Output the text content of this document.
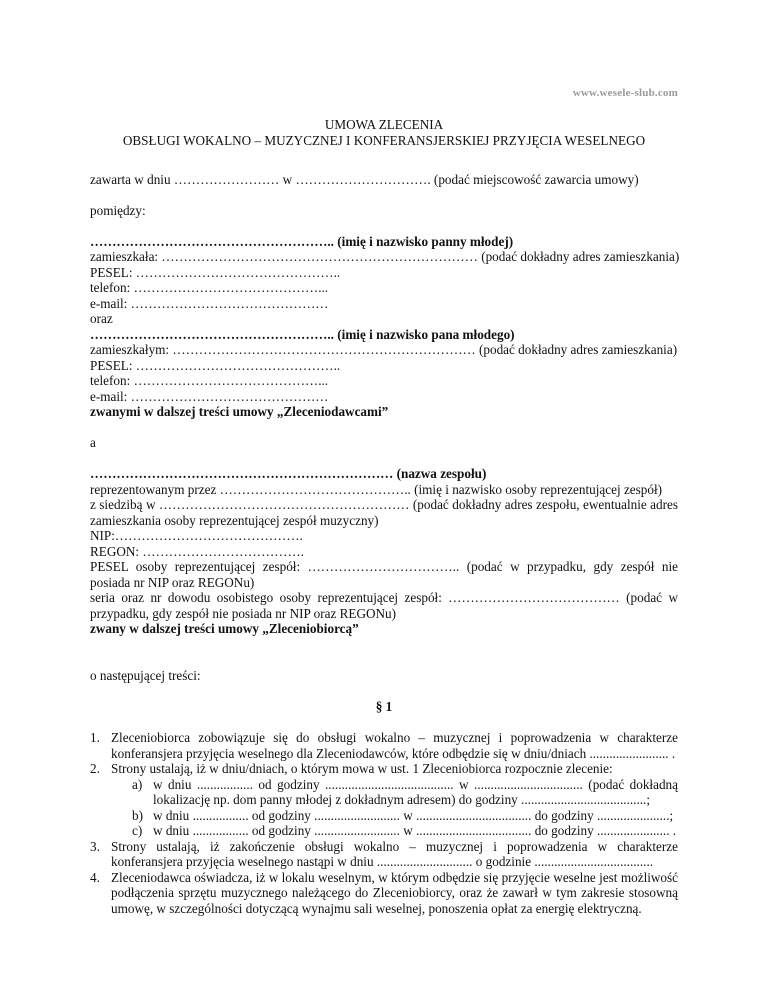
www.wesele-slub.com
UMOWA ZLECENIA
OBSŁUGI WOKALNO – MUZYCZNEJ I KONFERANSJERSKIEJ PRZYJĘCIA WESELNEGO
zawarta w dniu …………………… w …………………………. (podać miejscowość zawarcia umowy)
pomiędzy:
……………………………………………….. (imię i nazwisko panny młodej)
zamieszkała: ……………………………………………………………… (podać dokładny adres zamieszkania)
PESEL: ………………………………………..
telefon: ……………………………………...
e-mail: ………………………………………
oraz
……………………………………………….. (imię i nazwisko pana młodego)
zamieszkałym: …………………………………………………………… (podać dokładny adres zamieszkania)
PESEL: ………………………………………..
telefon: ……………………………………...
e-mail: ………………………………………
zwanymi w dalszej treści umowy „Zleceniodawcami”
a
…………………………………………………………… (nazwa zespołu)
reprezentowanym przez …………………………………….. (imię i nazwisko osoby reprezentującej zespół)
z siedzibą w ………………………………………………… (podać dokładny adres zespołu, ewentualnie adres zamieszkania osoby reprezentującej zespół muzyczny)
NIP:…………………………………….
REGON: ……………………………….
PESEL osoby reprezentującej zespół: …………………………….. (podać w przypadku, gdy zespół nie posiada nr NIP oraz REGONu)
seria oraz nr dowodu osobistego osoby reprezentującej zespół: ………………………………… (podać w przypadku, gdy zespół nie posiada nr NIP oraz REGONu)
zwany w dalszej treści umowy „Zleceniobiorcą”
o następującej treści:
§ 1
1. Zleceniobiorca zobowiązuje się do obsługi wokalno – muzycznej i poprowadzenia w charakterze konferansjera przyjęcia weselnego dla Zleceniodawców, które odbędzie się w dniu/dniach ........................ .
2. Strony ustalają, iż w dniu/dniach, o którym mowa w ust. 1 Zleceniobiorca rozpocznie zlecenie:
a) w dniu ................. od godziny ....................................... w ................................. (podać dokładną lokalizację np. dom panny młodej z dokładnym adresem) do godziny ......................................;
b) w dniu ................. od godziny .......................... w ................................... do godziny ......................;
c) w dniu ................. od godziny .......................... w ................................... do godziny ...................... .
3. Strony ustalają, iż zakończenie obsługi wokalno – muzycznej i poprowadzenia w charakterze konferansjera przyjęcia weselnego nastąpi w dniu ............................. o godzinie ....................................
4. Zleceniodawca oświadcza, iż w lokalu weselnym, w którym odbędzie się przyjęcie weselne jest możliwość podłączenia sprzętu muzycznego należącego do Zleceniobiorcy, oraz że zawarł w tym zakresie stosowną umowę, w szczególności dotyczącą wynajmu sali weselnej, ponoszenia opłat za energię elektryczną.
